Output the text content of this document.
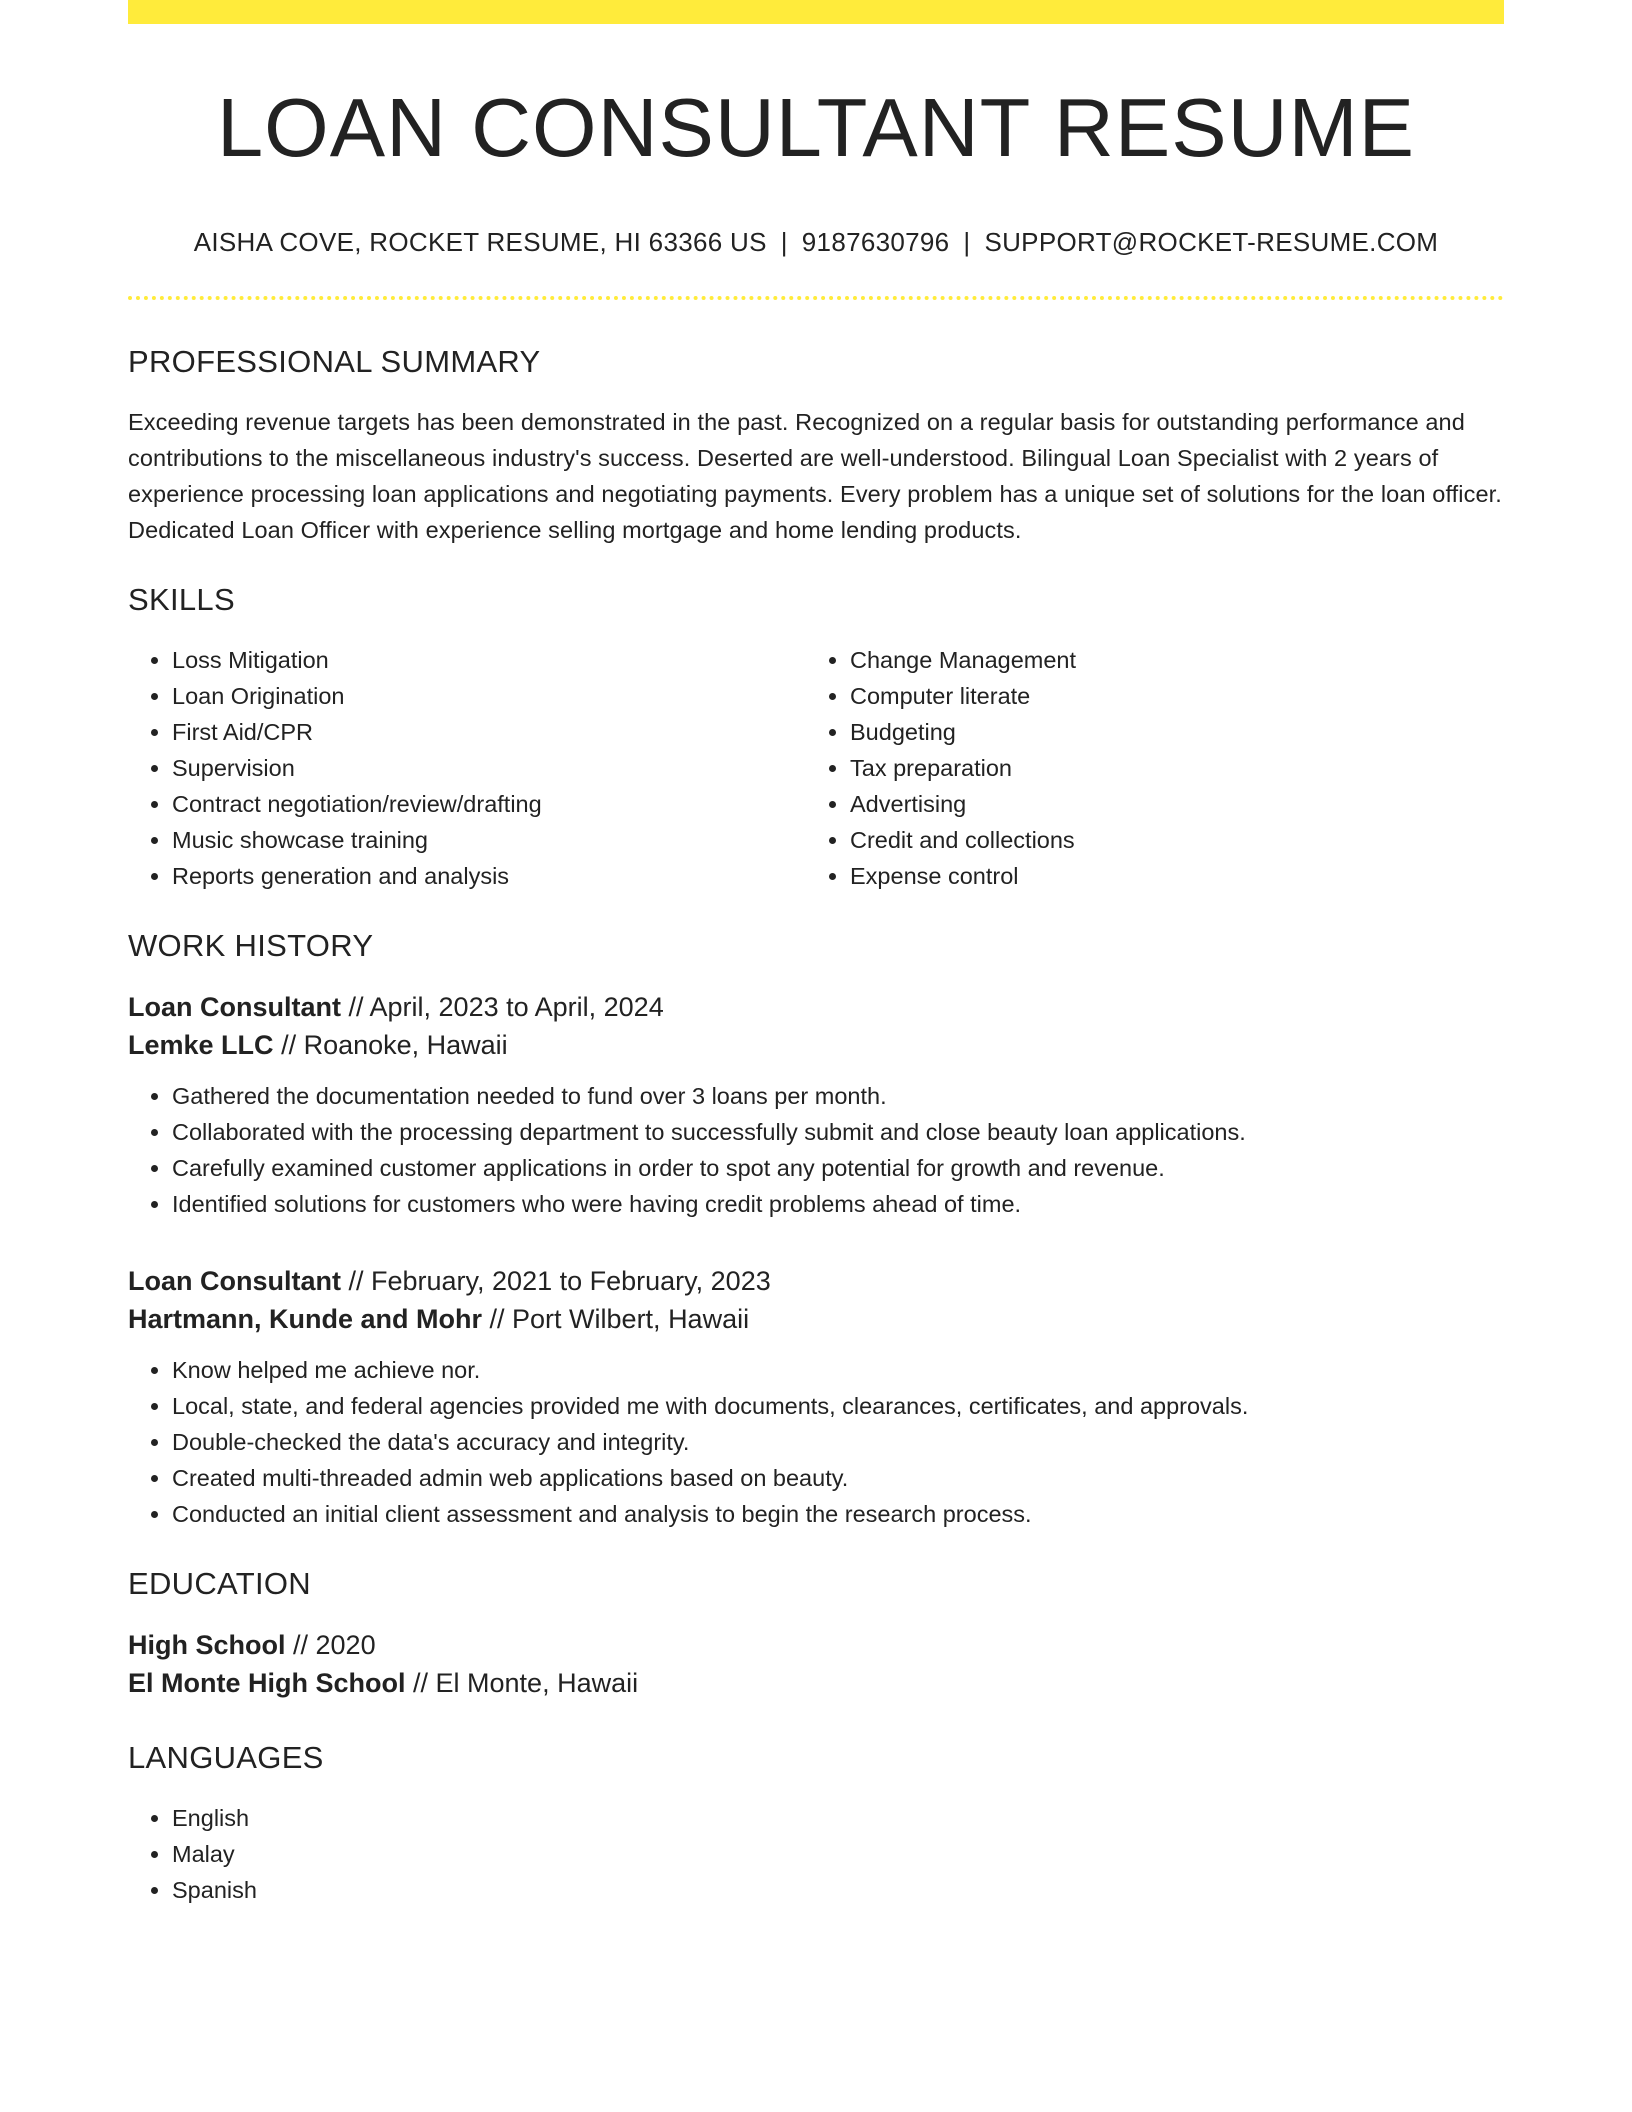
LOAN CONSULTANT RESUME
AISHA COVE, ROCKET RESUME, HI 63366 US | 9187630796 | SUPPORT@ROCKET-RESUME.COM
PROFESSIONAL SUMMARY

Exceeding revenue targets has been demonstrated in the past. Recognized on a regular basis for outstanding performance and contributions to the miscellaneous industry's success. Deserted are well-understood. Bilingual Loan Specialist with 2 years of experience processing loan applications and negotiating payments. Every problem has a unique set of solutions for the loan officer. Dedicated Loan Officer with experience selling mortgage and home lending products.

SKILLS
• Loss Mitigation
• Loan Origination
• First Aid/CPR
• Supervision
• Contract negotiation/review/drafting
• Music showcase training
• Reports generation and analysis
• Change Management
• Computer literate
• Budgeting
• Tax preparation
• Advertising
• Credit and collections
• Expense control
WORK HISTORY
Loan Consultant // April, 2023 to April, 2024
Lemke LLC // Roanoke, Hawaii
• Gathered the documentation needed to fund over 3 loans per month.
• Collaborated with the processing department to successfully submit and close beauty loan applications.
• Carefully examined customer applications in order to spot any potential for growth and revenue.
• Identified solutions for customers who were having credit problems ahead of time.
Loan Consultant // February, 2021 to February, 2023
Hartmann, Kunde and Mohr // Port Wilbert, Hawaii
• Know helped me achieve nor.
• Local, state, and federal agencies provided me with documents, clearances, certificates, and approvals.
• Double-checked the data's accuracy and integrity.
• Created multi-threaded admin web applications based on beauty.
• Conducted an initial client assessment and analysis to begin the research process.
EDUCATION
High School // 2020
El Monte High School // El Monte, Hawaii
LANGUAGES
• English
• Malay
• Spanish
